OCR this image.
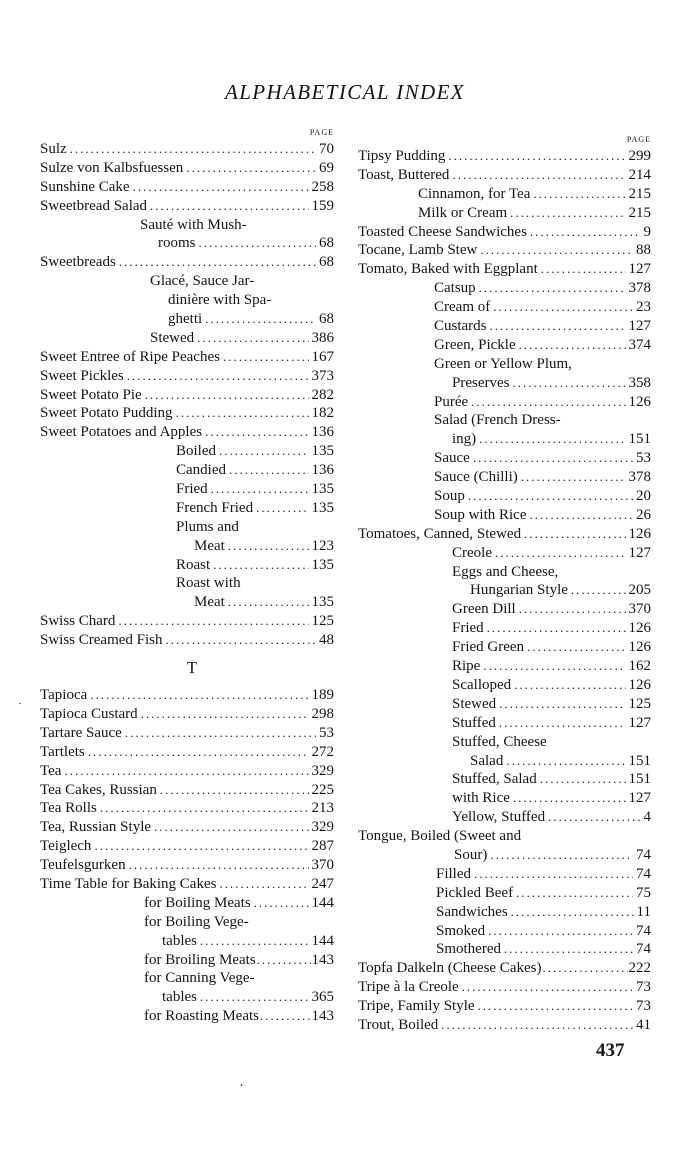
ALPHABETICAL INDEX
PAGE
Sulz .....	70
Sulze von Kalbsfuessen .....	69
Sunshine Cake .....	258
Sweetbread Salad .....	159
Sauté with Mush-
rooms .....	68
Sweetbreads .....	68
Glacé, Sauce Jar-
dinière with Spa-
ghetti .....	68
Stewed .....	386
Sweet Entree of Ripe Peaches .....	167
Sweet Pickles .....	373
Sweet Potato Pie .....	282
Sweet Potato Pudding .....	182
Sweet Potatoes and Apples .....	136
Boiled .....	135
Candied .....	136
Fried .....	135
French Fried .....	135
Plums and
Meat .....	123
Roast .....	135
Roast with
Meat .....	135
Swiss Chard .....	125
Swiss Creamed Fish .....	48
T
Tapioca .....	189
Tapioca Custard .....	298
Tartare Sauce .....	53
Tartlets .....	272
Tea .....	329
Tea Cakes, Russian .....	225
Tea Rolls .....	213
Tea, Russian Style .....	329
Teiglech .....	287
Teufelsgurken .....	370
Time Table for Baking Cakes .....	247
for Boiling Meats .....	144
for Boiling Vege-
tables .....	144
for Broiling Meats .....	143
for Canning Vege-
tables .....	365
for Roasting Meats .....	143
PAGE
Tipsy Pudding .....	299
Toast, Buttered .....	214
Cinnamon, for Tea .....	215
Milk or Cream .....	215
Toasted Cheese Sandwiches .....	9
Tocane, Lamb Stew .....	88
Tomato, Baked with Eggplant .....	127
Catsup .....	378
Cream of .....	23
Custards .....	127
Green, Pickle .....	374
Green or Yellow Plum,
Preserves .....	358
Purée .....	126
Salad (French Dress-
ing) .....	151
Sauce .....	53
Sauce (Chilli) .....	378
Soup .....	20
Soup with Rice .....	26
Tomatoes, Canned, Stewed .....	126
Creole .....	127
Eggs and Cheese,
Hungarian Style .....	205
Green Dill .....	370
Fried .....	126
Fried Green .....	126
Ripe .....	162
Scalloped .....	126
Stewed .....	125
Stuffed .....	127
Stuffed, Cheese
Salad .....	151
Stuffed, Salad .....	151
with Rice .....	127
Yellow, Stuffed .....	4
Tongue, Boiled (Sweet and
Sour) .....	74
Filled .....	74
Pickled Beef .....	75
Sandwiches .....	11
Smoked .....	74
Smothered .....	74
Topfa Dalkeln (Cheese Cakes) .....	222
Tripe à la Creole .....	73
Tripe, Family Style .....	73
Trout, Boiled .....	41
437
·
,
